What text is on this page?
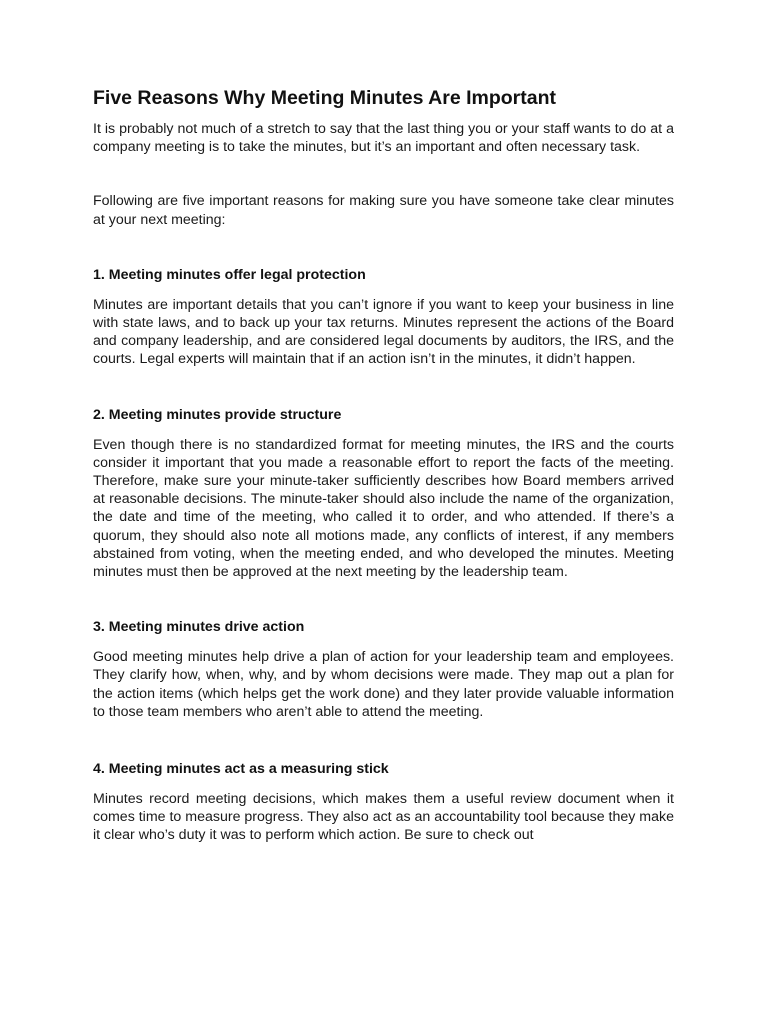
Five Reasons Why Meeting Minutes Are Important

It is probably not much of a stretch to say that the last thing you or your staff wants to do at a company meeting is to take the minutes, but it’s an important and often necessary task.

Following are five important reasons for making sure you have someone take clear minutes at your next meeting:

1. Meeting minutes offer legal protection

Minutes are important details that you can’t ignore if you want to keep your business in line with state laws, and to back up your tax returns. Minutes represent the actions of the Board and company leadership, and are considered legal documents by auditors, the IRS, and the courts. Legal experts will maintain that if an action isn’t in the minutes, it didn’t happen.

2. Meeting minutes provide structure

Even though there is no standardized format for meeting minutes, the IRS and the courts consider it important that you made a reasonable effort to report the facts of the meeting. Therefore, make sure your minute-taker sufficiently describes how Board members arrived at reasonable decisions. The minute-taker should also include the name of the organization, the date and time of the meeting, who called it to order, and who attended. If there’s a quorum, they should also note all motions made, any conflicts of interest, if any members abstained from voting, when the meeting ended, and who developed the minutes. Meeting minutes must then be approved at the next meeting by the leadership team.

3. Meeting minutes drive action

Good meeting minutes help drive a plan of action for your leadership team and employees. They clarify how, when, why, and by whom decisions were made. They map out a plan for the action items (which helps get the work done) and they later provide valuable information to those team members who aren’t able to attend the meeting.

4. Meeting minutes act as a measuring stick

Minutes record meeting decisions, which makes them a useful review document when it comes time to measure progress. They also act as an accountability tool because they make it clear who’s duty it was to perform which action. Be sure to check out
